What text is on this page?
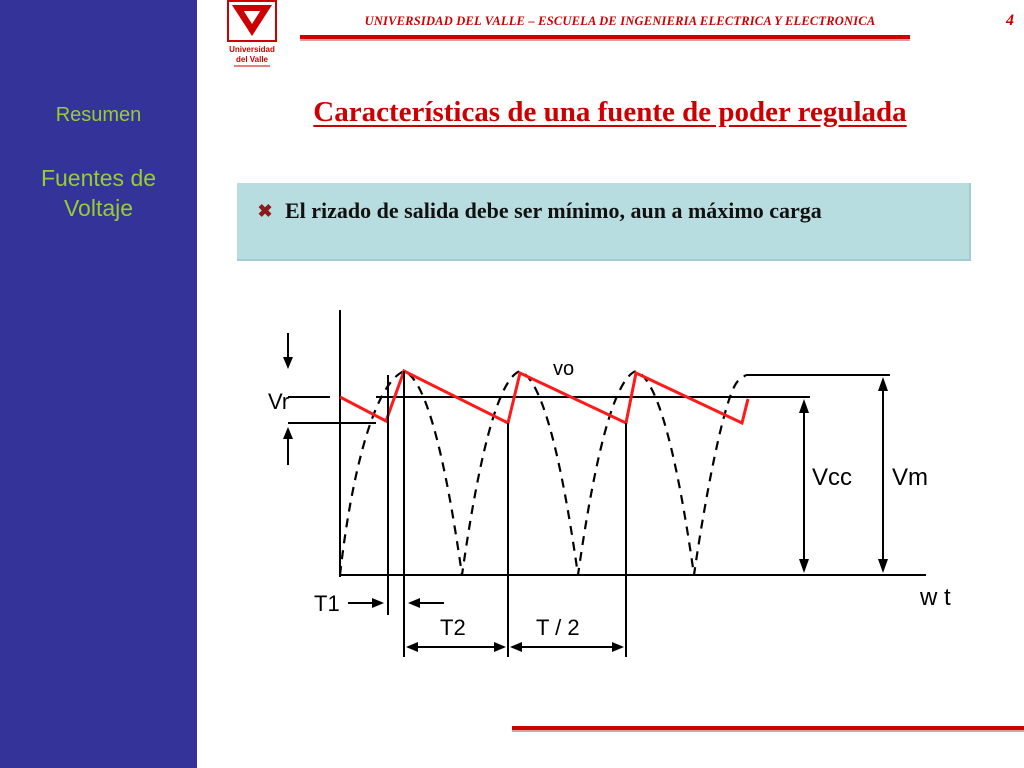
Resumen
Fuentes de
Voltaje
Universidad
del Valle
UNIVERSIDAD DEL VALLE – ESCUELA DE INGENIERIA ELECTRICA Y ELECTRONICA	4
Características de una fuente de poder regulada
✖ El rizado de salida debe ser mínimo, aun a máximo carga
Vr
vo
Vcc Vm
T1
T2	T / 2
w t
